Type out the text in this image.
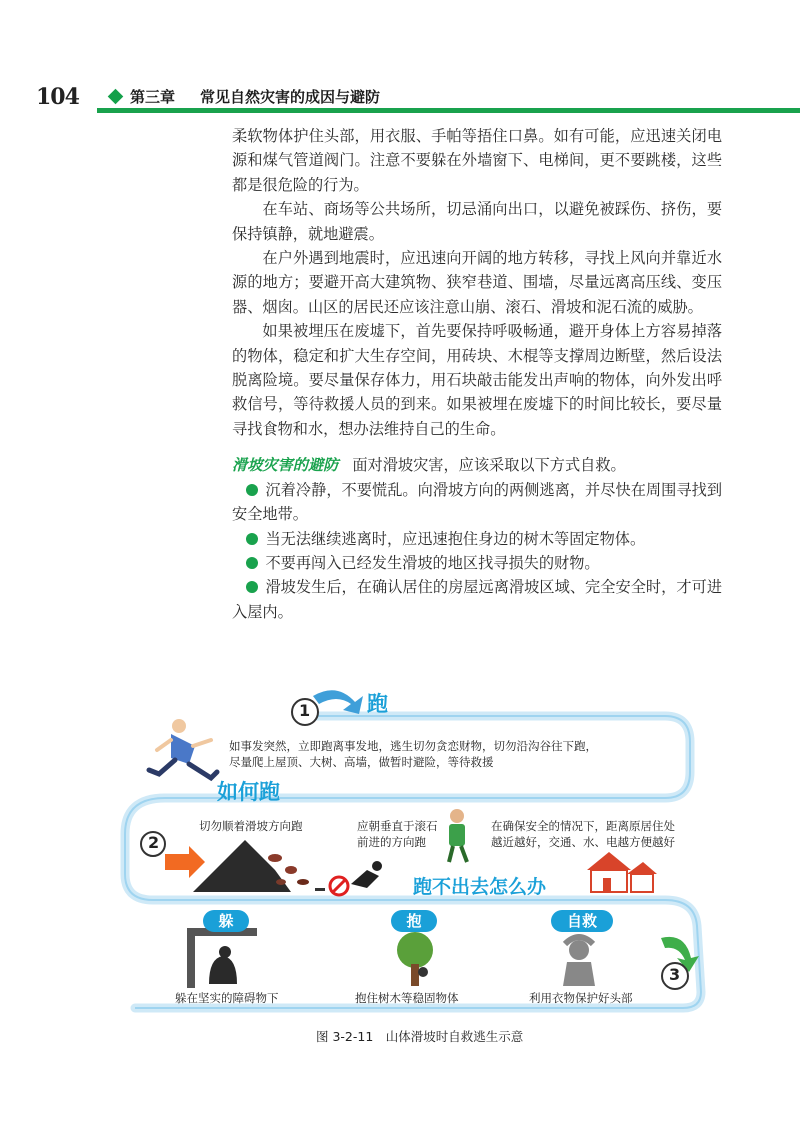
104	第三章 常见自然灾害的成因与避防

柔软物体护住头部，用衣服、手帕等捂住口鼻。如有可能，应迅速关闭电源和煤气管道阀门。注意不要躲在外墙窗下、电梯间，更不要跳楼，这些都是很危险的行为。

在车站、商场等公共场所，切忌涌向出口，以避免被踩伤、挤伤，要保持镇静，就地避震。

在户外遇到地震时，应迅速向开阔的地方转移，寻找上风向并靠近水源的地方；要避开高大建筑物、狭窄巷道、围墙，尽量远离高压线、变压器、烟囱。山区的居民还应该注意山崩、滚石、滑坡和泥石流的威胁。

如果被埋压在废墟下，首先要保持呼吸畅通，避开身体上方容易掉落的物体，稳定和扩大生存空间，用砖块、木棍等支撑周边断壁，然后设法脱离险境。要尽量保存体力，用石块敲击能发出声响的物体，向外发出呼救信号，等待救援人员的到来。如果被埋在废墟下的时间比较长，要尽量寻找食物和水，想办法维持自己的生命。

滑坡灾害的避防 面对滑坡灾害，应该采取以下方式自救。

沉着冷静，不要慌乱。向滑坡方向的两侧逃离，并尽快在周围寻找到安全地带。

当无法继续逃离时，应迅速抱住身边的树木等固定物体。

不要再闯入已经发生滑坡的地区找寻损失的财物。

滑坡发生后，在确认居住的房屋远离滑坡区域、完全安全时，才可进入屋内。

1	跑
如事发突然，立即跑离事发地，逃生切勿贪恋财物，切勿沿沟谷往下跑，
尽量爬上屋顶、大树、高墙，做暂时避险，等待救援
如何跑
2
切勿顺着滑坡方向跑	应朝垂直于滚石
前进的方向跑
在确保安全的情况下，距离原居住处
越近越好，交通、水、电越方便越好
跑不出去怎么办
躲	抱	自救
躲在坚实的障碍物下	抱住树木等稳固物体	利用衣物保护好头部
3
图 3-2-11　山体滑坡时自救逃生示意
